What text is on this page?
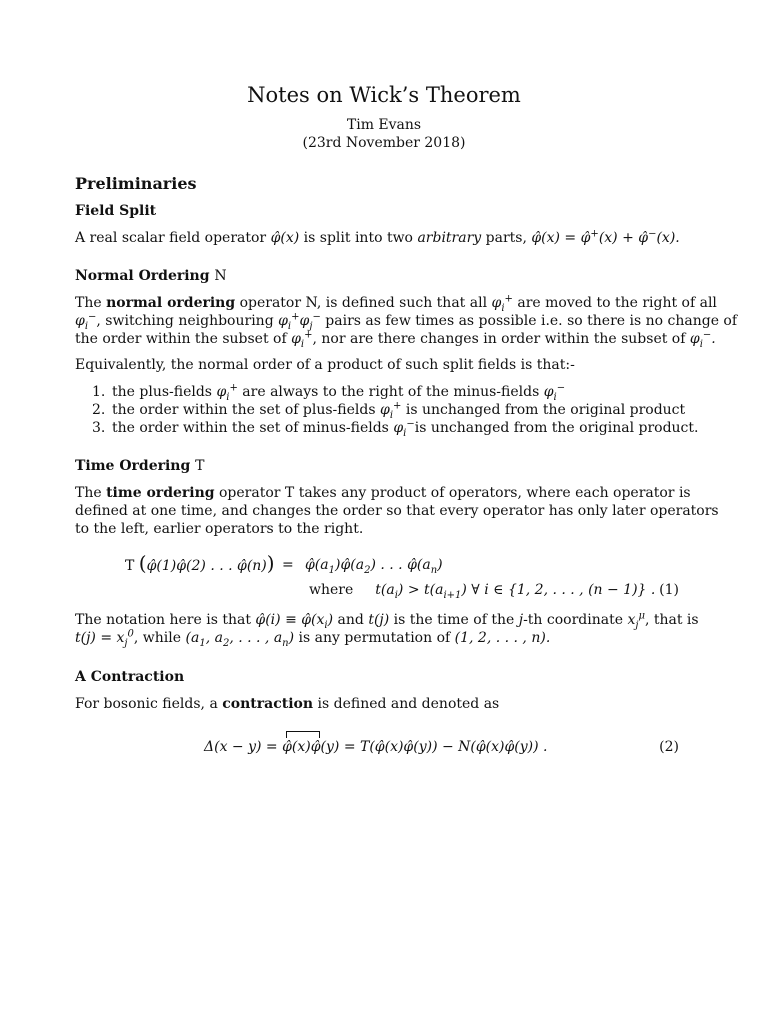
Notes on Wick’s Theorem
Tim Evans
(23rd November 2018)
Preliminaries
Field Split
A real scalar field operator φ̂(x) is split into two arbitrary parts, φ̂(x) = φ̂+(x) + φ̂−(x).
Normal Ordering N
The normal ordering operator N, is defined such that all $\varphi_i^+$ are moved to the right of all
$\varphi_i^-$, switching neighbouring $\varphi_i^+\varphi_j^-$ pairs as few times as possible i.e. so there is no change of
the order within the subset of $\varphi_i^+$, nor are there changes in order within the subset of $\varphi_i^-$.
Equivalently, the normal order of a product of such split fields is that:-
1. the plus-fields $\varphi_i^+$ are always to the right of the minus-fields $\varphi_i^-$
2. the order within the set of plus-fields $\varphi_i^+$ is unchanged from the original product
3. the order within the set of minus-fields $\varphi_i^-is$ unchanged from the original product.
Time Ordering T
The time ordering operator T takes any product of operators, where each operator is
defined at one time, and changes the order so that every operator has only later operators
to the left, earlier operators to the right.
T (φ̂(1)φ̂(2) . . . φ̂(n)) = $\varphî(a_1)\varphî(a_2)$ . . . $\varphî(a_n)$
where $t(a_i) > t(a_{i+1})$ ∀ i ∈ {1, 2, . . . , (n − 1)} . (1)
The notation here is that φ̂(i) ≡ $\varphî(x_i)$ and t(j) is the time of the j-th coordinate $x_j^\mu$, that is
$t(j) = x_j^0$, while ($a_1$, $a_2$, . . . , $a_n$) is any permutation of (1, 2, . . . , n).
A Contraction
For bosonic fields, a contraction is defined and denoted as
Δ(x − y) =
φ̂(x)φ̂(y) = T(φ̂(x)φ̂(y)) − N(φ̂(x)φ̂(y)) .	(2)
